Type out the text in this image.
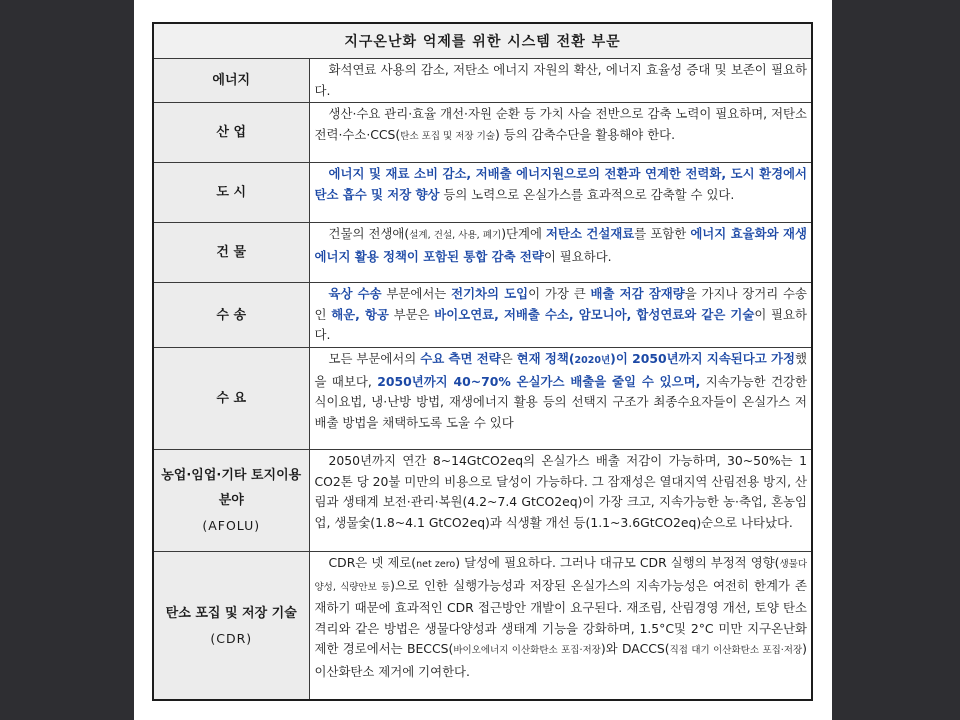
지구온난화 억제를 위한 시스템 전환 부문	
에너지	화석연료 사용의 감소, 저탄소 에너지 자원의 확산, 에너지 효율성 증대 및 보존이 필요하다.

산 업	생산·수요 관리·효율 개선·자원 순환 등 가치 사슬 전반으로 감축 노력이 필요하며, 저탄소전력·수소·CCS(탄소 포집 및 저장 기술) 등의 감축수단을 활용해야 한다.

도 시	에너지 및 재료 소비 감소, 저배출 에너지원으로의 전환과 연계한 전력화, 도시 환경에서 탄소 흡수 및 저장 향상 등의 노력으로 온실가스를 효과적으로 감축할 수 있다.

건 물	건물의 전생애(설계, 건설, 사용, 폐기)단계에 저탄소 건설재료를 포함한 에너지 효율화와 재생에너지 활용 정책이 포함된 통합 감축 전략이 필요하다.

수 송	육상 수송 부문에서는 전기차의 도입이 가장 큰 배출 저감 잠재량을 가지나 장거리 수송인 해운, 항공 부문은 바이오연료, 저배출 수소, 암모니아, 합성연료와 같은 기술이 필요하다.

수 요	모든 부문에서의 수요 측면 전략은 현재 정책(2020년)이 2050년까지 지속된다고 가정했을 때보다, 2050년까지 40~70% 온실가스 배출을 줄일 수 있으며, 지속가능한 건강한 식이요법, 냉·난방 방법, 재생에너지 활용 등의 선택지 구조가 최종수요자들이 온실가스 저배출 방법을 채택하도록 도울 수 있다

농업·임업·기타 토지이용 분야
(AFOLU)	2050년까지 연간 8~14GtCO2eq의 온실가스 배출 저감이 가능하며, 30~50%는 1 CO2톤 당 20불 미만의 비용으로 달성이 가능하다. 그 잠재성은 열대지역 산림전용 방지, 산림과 생태계 보전·관리·복원(4.2~7.4 GtCO2eq)이 가장 크고, 지속가능한 농·축업, 혼농임업, 생물숯(1.8~4.1 GtCO2eq)과 식생활 개선 등(1.1~3.6GtCO2eq)순으로 나타났다.

탄소 포집 및 저장 기술
(CDR)	CDR은 넷 제로(net zero) 달성에 필요하다. 그러나 대규모 CDR 실행의 부정적 영향(생물다양성, 식량안보 등)으로 인한 실행가능성과 저장된 온실가스의 지속가능성은 여전히 한계가 존재하기 때문에 효과적인 CDR 접근방안 개발이 요구된다. 재조림, 산림경영 개선, 토양 탄소 격리와 같은 방법은 생물다양성과 생태계 기능을 강화하며, 1.5°C및 2°C 미만 지구온난화 제한 경로에서는 BECCS(바이오에너지 이산화탄소 포집·저장)와 DACCS(직접 대기 이산화탄소 포집·저장)이산화탄소 제거에 기여한다.
